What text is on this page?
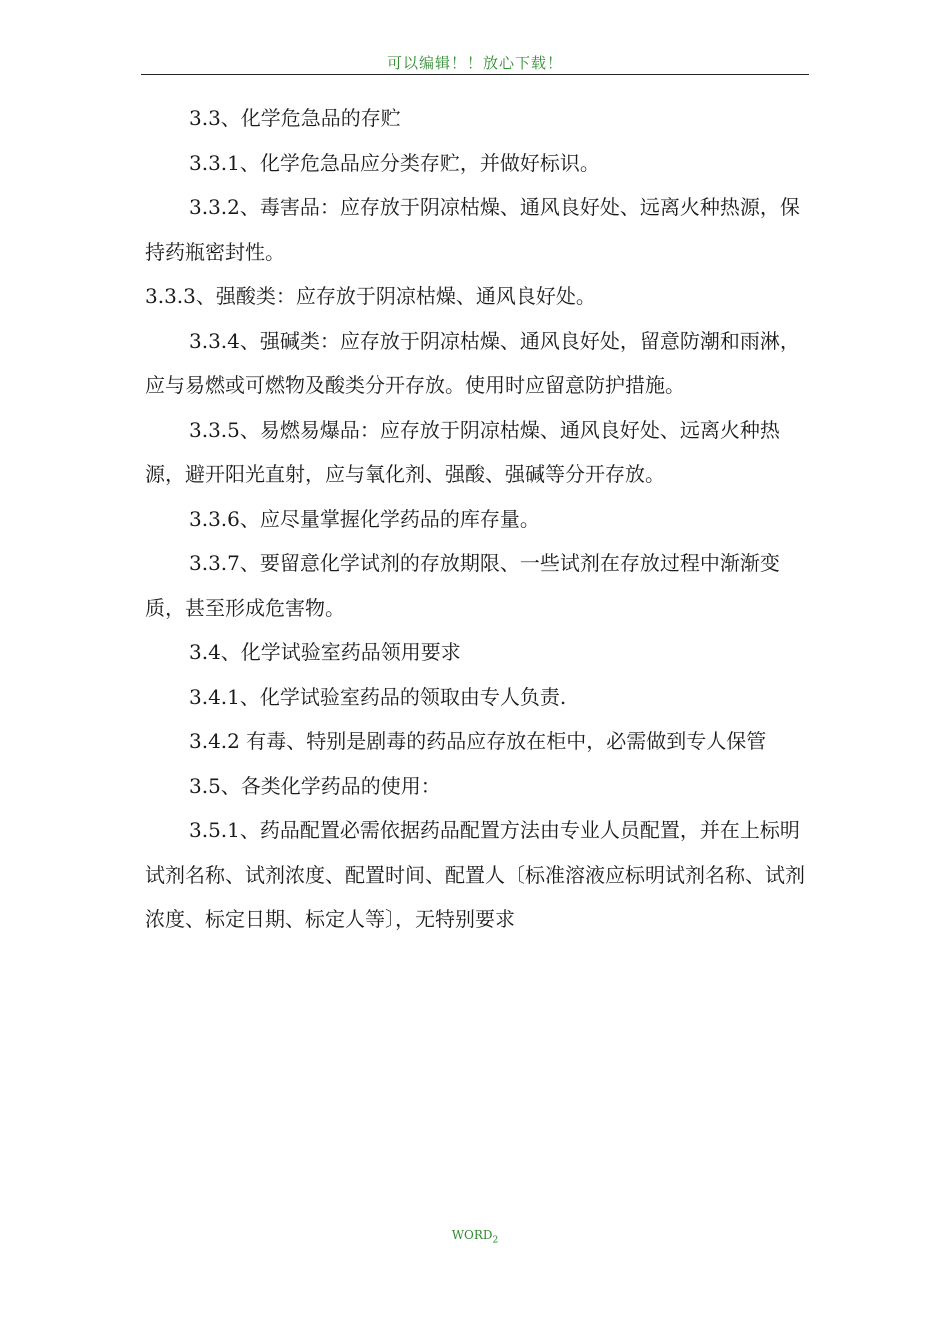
可以编辑！！放心下载！

3.3、化学危急品的存贮

3.3.1、化学危急品应分类存贮，并做好标识。

3.3.2、毒害品：应存放于阴凉枯燥、通风良好处、远离火种热源，保持药瓶密封性。

3.3.3、强酸类：应存放于阴凉枯燥、通风良好处。

3.3.4、强碱类：应存放于阴凉枯燥、通风良好处，留意防潮和雨淋，应与易燃或可燃物及酸类分开存放。使用时应留意防护措施。

3.3.5、易燃易爆品：应存放于阴凉枯燥、通风良好处、远离火种热源，避开阳光直射，应与氧化剂、强酸、强碱等分开存放。

3.3.6、应尽量掌握化学药品的库存量。

3.3.7、要留意化学试剂的存放期限、一些试剂在存放过程中渐渐变质，甚至形成危害物。

3.4、化学试验室药品领用要求

3.4.1、化学试验室药品的领取由专人负责.

3.4.2 有毒、特别是剧毒的药品应存放在柜中，必需做到专人保管

3.5、各类化学药品的使用：

3.5.1、药品配置必需依据药品配置方法由专业人员配置，并在上标明试剂名称、试剂浓度、配置时间、配置人〔标准溶液应标明试剂名称、试剂浓度、标定日期、标定人等〕，无特别要求

$WORD_2$
